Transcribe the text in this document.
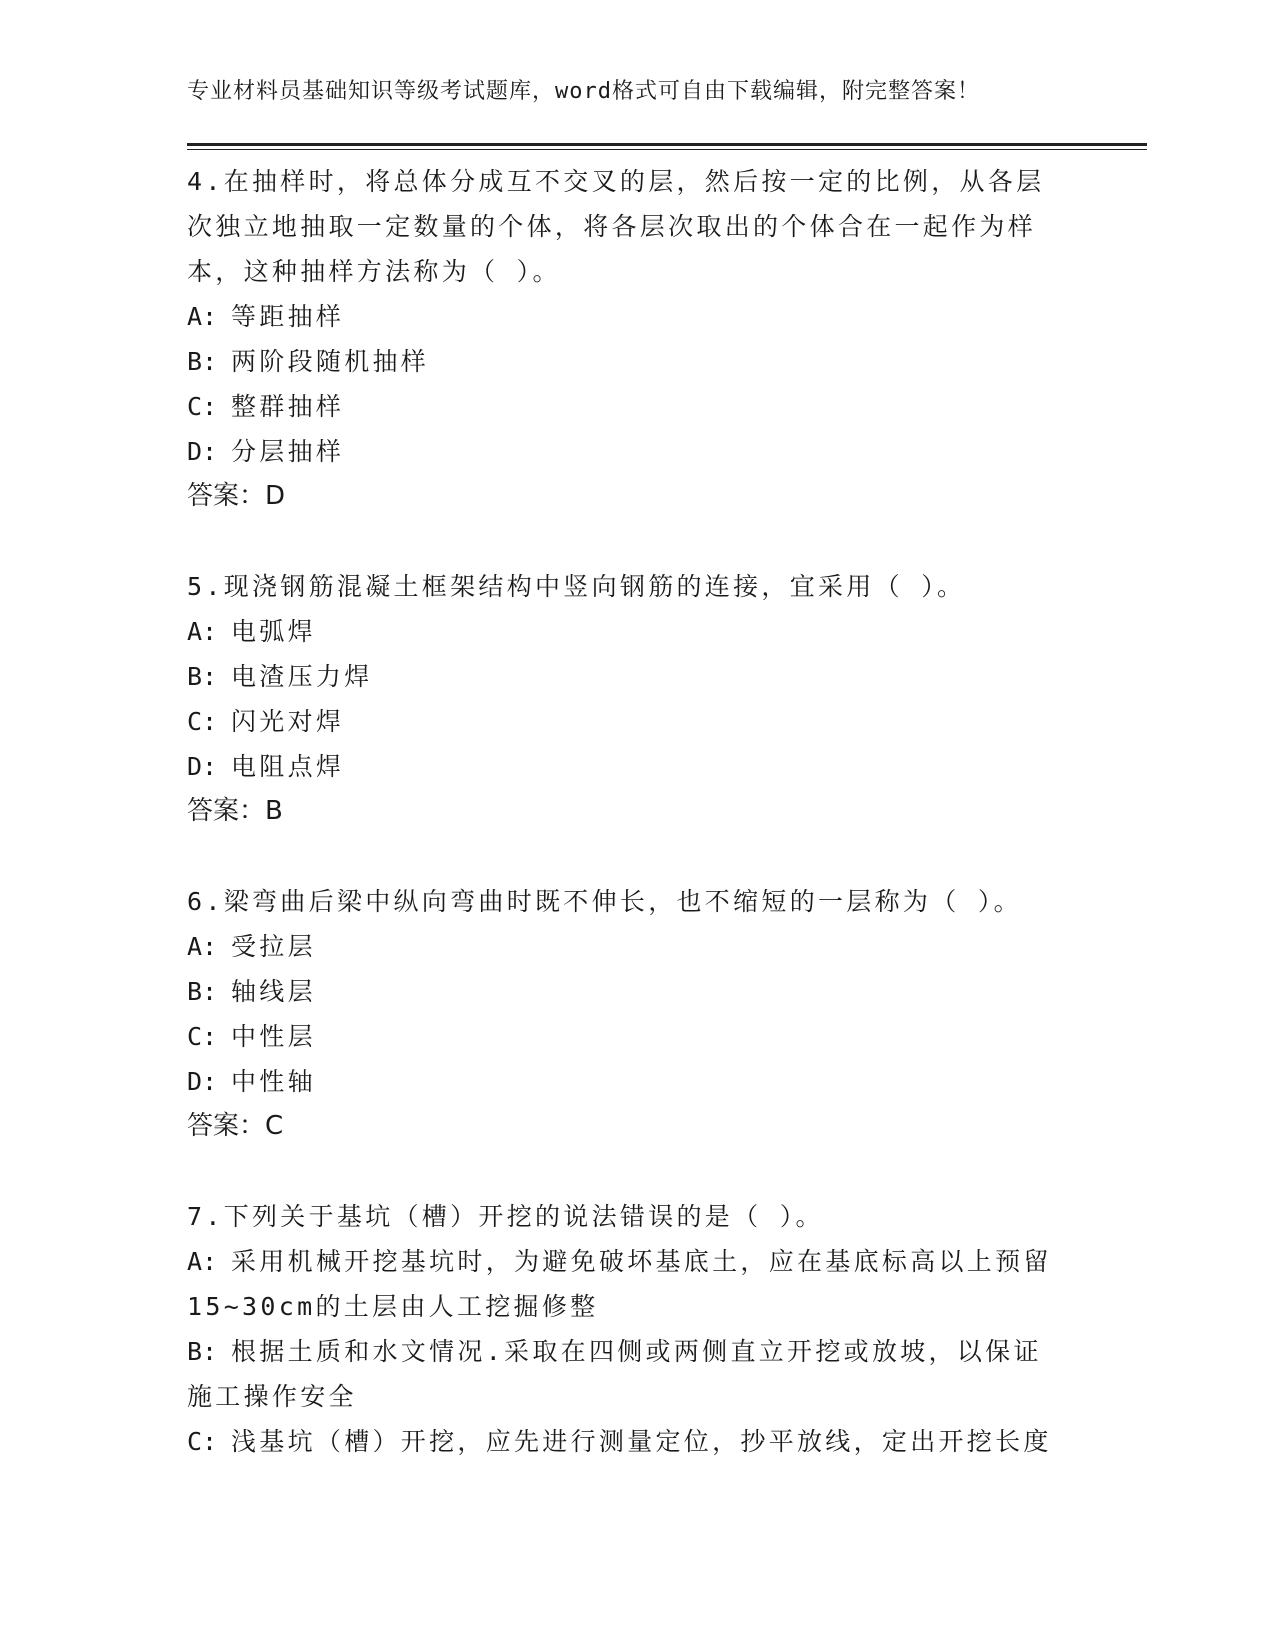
专业材料员基础知识等级考试题库，word格式可自由下载编辑，附完整答案！
4.在抽样时，将总体分成互不交叉的层，然后按一定的比例，从各层
次独立地抽取一定数量的个体，将各层次取出的个体合在一起作为样
本，这种抽样方法称为（ ）。
A: 等距抽样
B: 两阶段随机抽样
C: 整群抽样
D: 分层抽样
答案：D
5.现浇钢筋混凝土框架结构中竖向钢筋的连接，宜采用（ ）。
A: 电弧焊
B: 电渣压力焊
C: 闪光对焊
D: 电阻点焊
答案：B
6.梁弯曲后梁中纵向弯曲时既不伸长，也不缩短的一层称为（ ）。
A: 受拉层
B: 轴线层
C: 中性层
D: 中性轴
答案：C
7.下列关于基坑（槽）开挖的说法错误的是（ ）。
A: 采用机械开挖基坑时，为避免破坏基底土，应在基底标高以上预留
15~30cm的土层由人工挖掘修整
B: 根据土质和水文情况.采取在四侧或两侧直立开挖或放坡，以保证
施工操作安全
C: 浅基坑（槽）开挖，应先进行测量定位，抄平放线，定出开挖长度
